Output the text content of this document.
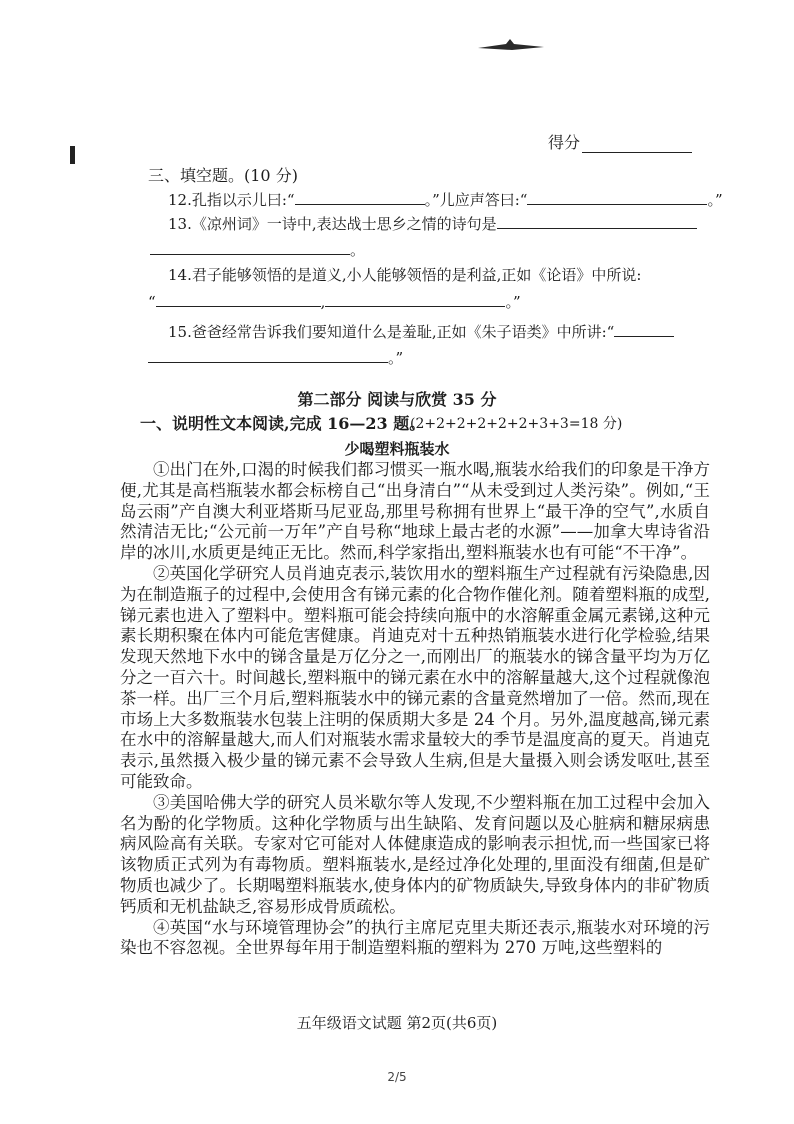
得分
三、填空题。(10 分)
12.孔指以示儿曰:“	。”儿应声答曰:“	。”
13.《凉州词》一诗中,表达战士思乡之情的诗句是
。
14.君子能够领悟的是道义,小人能够领悟的是利益,正如《论语》中所说:
“	,	。”
15.爸爸经常告诉我们要知道什么是羞耻,正如《朱子语类》中所讲:“
。”
第二部分 阅读与欣赏 35 分
一、说明性文本阅读,完成 16—23 题。
(2+2+2+2+2+2+3+3=18 分)
少喝塑料瓶装水

①出门在外,口渴的时候我们都习惯买一瓶水喝,瓶装水给我们的印象是干净方便,尤其是高档瓶装水都会标榜自己“出身清白”“从未受到过人类污染”。例如,“王岛云雨”产自澳大利亚塔斯马尼亚岛,那里号称拥有世界上“最干净的空气”,水质自然清洁无比;“公元前一万年”产自号称“地球上最古老的水源”——加拿大卑诗省沿岸的冰川,水质更是纯正无比。然而,科学家指出,塑料瓶装水也有可能“不干净”。

②英国化学研究人员肖迪克表示,装饮用水的塑料瓶生产过程就有污染隐患,因为在制造瓶子的过程中,会使用含有锑元素的化合物作催化剂。随着塑料瓶的成型,锑元素也进入了塑料中。塑料瓶可能会持续向瓶中的水溶解重金属元素锑,这种元素长期积聚在体内可能危害健康。肖迪克对十五种热销瓶装水进行化学检验,结果发现天然地下水中的锑含量是万亿分之一,而刚出厂的瓶装水的锑含量平均为万亿分之一百六十。时间越长,塑料瓶中的锑元素在水中的溶解量越大,这个过程就像泡茶一样。出厂三个月后,塑料瓶装水中的锑元素的含量竟然增加了一倍。然而,现在市场上大多数瓶装水包装上注明的保质期大多是 24 个月。另外,温度越高,锑元素在水中的溶解量越大,而人们对瓶装水需求量较大的季节是温度高的夏天。肖迪克表示,虽然摄入极少量的锑元素不会导致人生病,但是大量摄入则会诱发呕吐,甚至可能致命。

③美国哈佛大学的研究人员米歇尔等人发现,不少塑料瓶在加工过程中会加入名为酚的化学物质。这种化学物质与出生缺陷、发育问题以及心脏病和糖尿病患病风险高有关联。专家对它可能对人体健康造成的影响表示担忧,而一些国家已将该物质正式列为有毒物质。塑料瓶装水,是经过净化处理的,里面没有细菌,但是矿物质也减少了。长期喝塑料瓶装水,使身体内的矿物质缺失,导致身体内的非矿物质钙质和无机盐缺乏,容易形成骨质疏松。

④英国“水与环境管理协会”的执行主席尼克里夫斯还表示,瓶装水对环境的污染也不容忽视。全世界每年用于制造塑料瓶的塑料为 270 万吨,这些塑料的

五年级语文试题 第2页(共6页)
2/5
